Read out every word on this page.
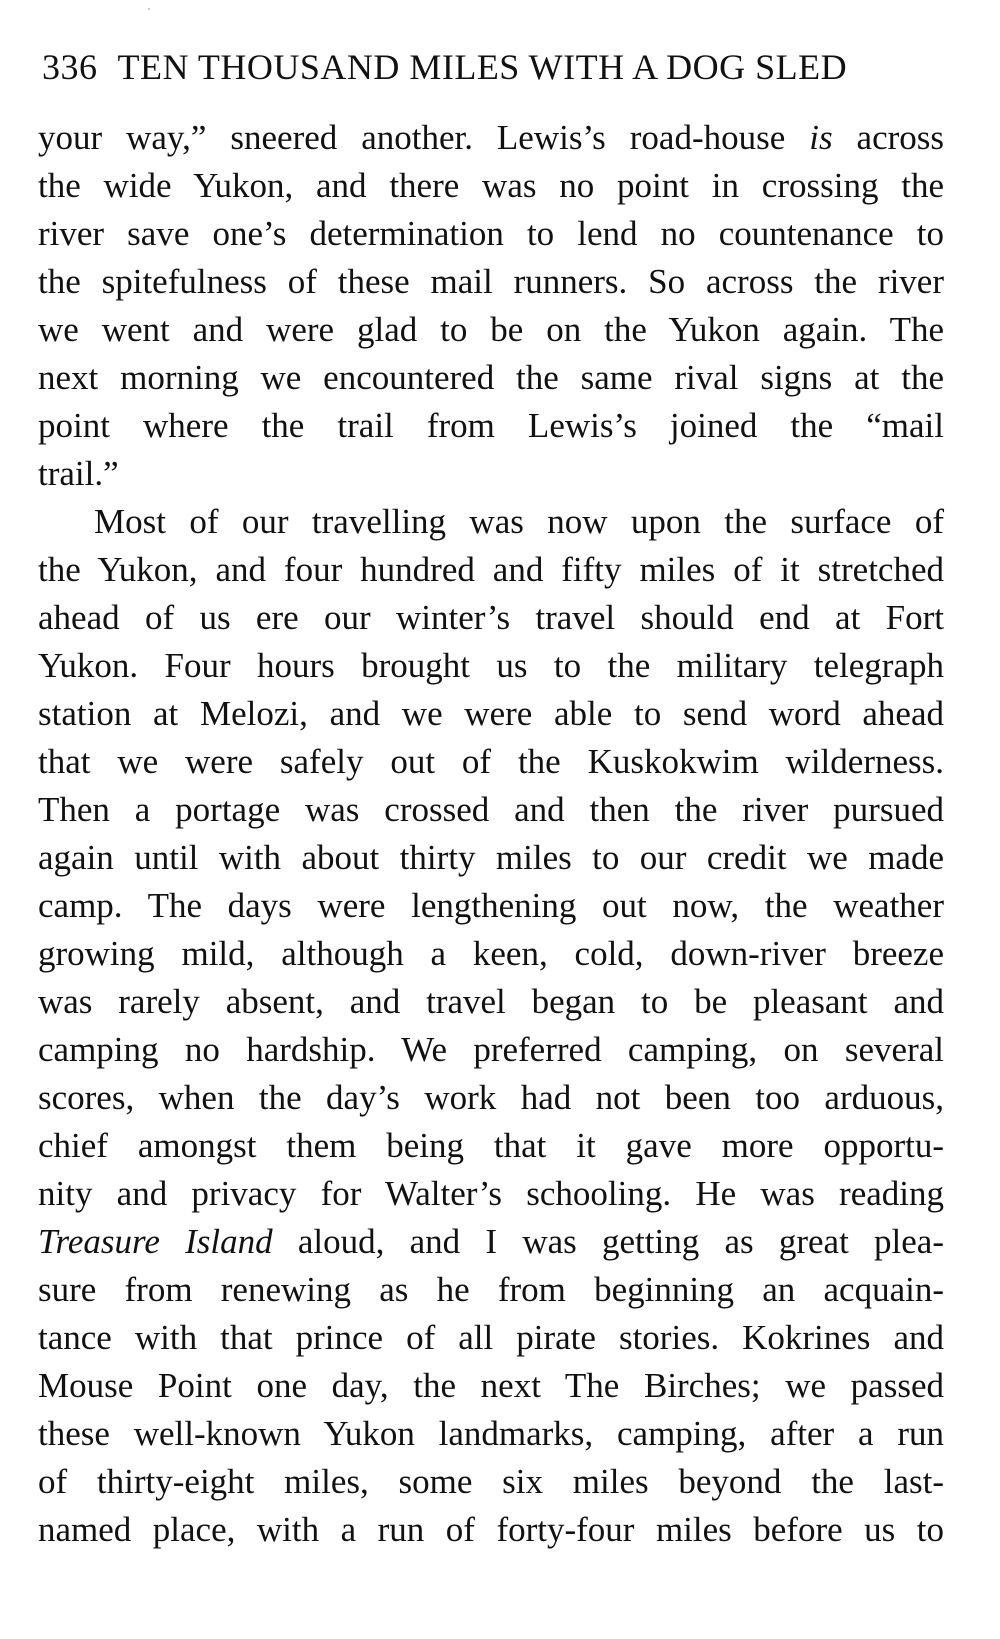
336 TEN THOUSAND MILES WITH A DOG SLED
your way,” sneered another. Lewis’s road-house is across
the wide Yukon, and there was no point in crossing the
river save one’s determination to lend no countenance to
the spitefulness of these mail runners. So across the river
we went and were glad to be on the Yukon again. The
next morning we encountered the same rival signs at the
point where the trail from Lewis’s joined the “mail
trail.”
Most of our travelling was now upon the surface of
the Yukon, and four hundred and fifty miles of it stretched
ahead of us ere our winter’s travel should end at Fort
Yukon. Four hours brought us to the military telegraph
station at Melozi, and we were able to send word ahead
that we were safely out of the Kuskokwim wilderness.
Then a portage was crossed and then the river pursued
again until with about thirty miles to our credit we made
camp. The days were lengthening out now, the weather
growing mild, although a keen, cold, down-river breeze
was rarely absent, and travel began to be pleasant and
camping no hardship. We preferred camping, on several
scores, when the day’s work had not been too arduous,
chief amongst them being that it gave more opportu-
nity and privacy for Walter’s schooling. He was reading
Treasure Island aloud, and I was getting as great plea-
sure from renewing as he from beginning an acquain-
tance with that prince of all pirate stories. Kokrines and
Mouse Point one day, the next The Birches; we passed
these well-known Yukon landmarks, camping, after a run
of thirty-eight miles, some six miles beyond the last-
named place, with a run of forty-four miles before us to
